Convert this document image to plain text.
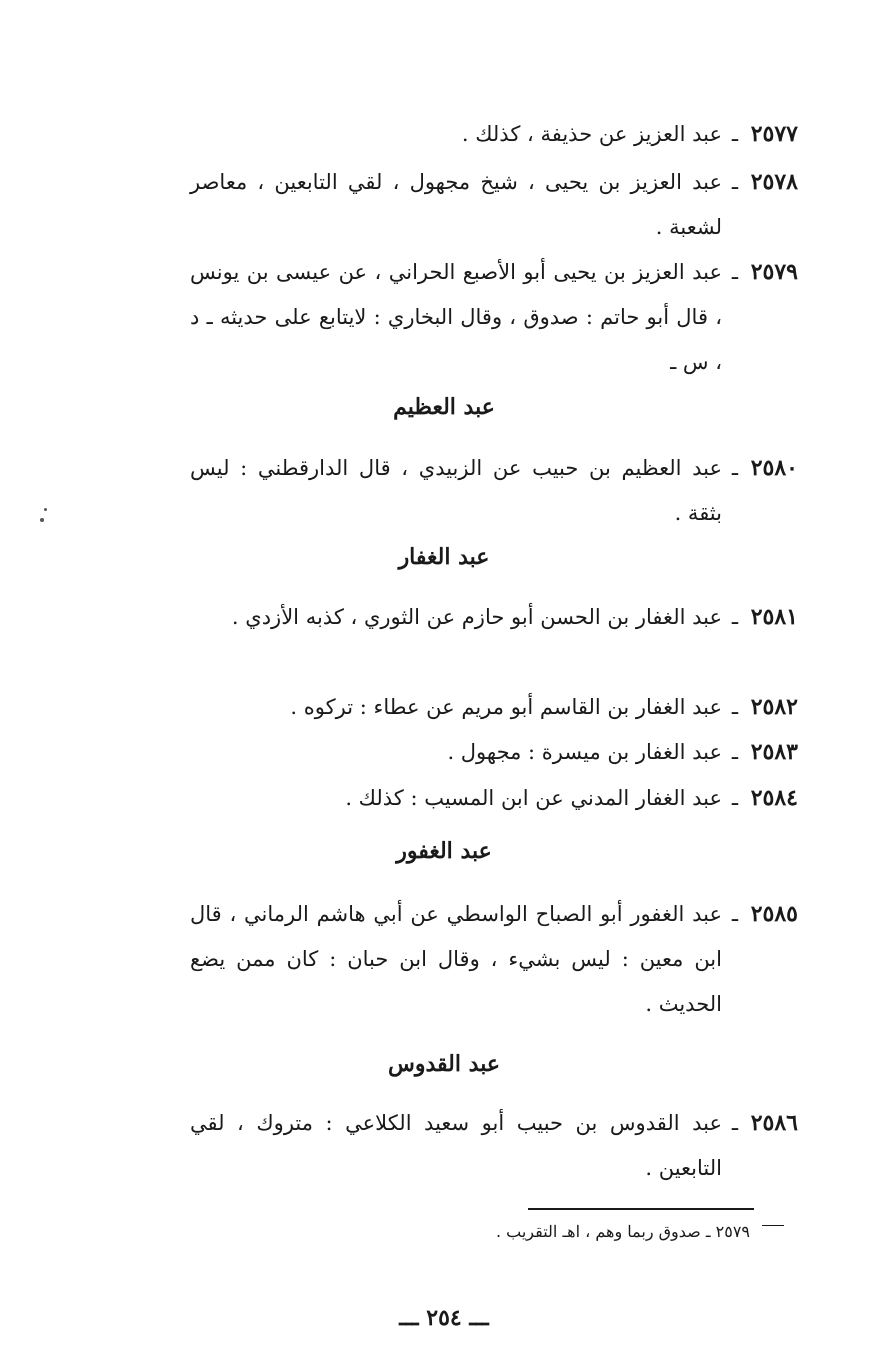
٢٥٧٧
ـ
عبد العزيز عن حذيفة ، كذلك .
٢٥٧٨
ـ
عبد العزيز بن يحيى ، شيخ مجهول ، لقي التابعين ، معاصر لشعبة .
٢٥٧٩
ـ
عبد العزيز بن يحيى أبو الأصبع الحراني ، عن عيسى بن يونس ، قال أبو حاتم : صدوق ، وقال البخاري : لايتابع على حديثه ـ د ، س ـ
عبد العظيم
٢٥٨٠
ـ
عبد العظيم بن حبيب عن الزبيدي ، قال الدارقطني : ليس بثقة .
عبد الغفار
٢٥٨١
ـ
عبد الغفار بن الحسن أبو حازم عن الثوري ، كذبه الأزدي .
٢٥٨٢
ـ
عبد الغفار بن القاسم أبو مريم عن عطاء : تركوه .
٢٥٨٣
ـ
عبد الغفار بن ميسرة : مجهول .
٢٥٨٤
ـ
عبد الغفار المدني عن ابن المسيب : كذلك .
عبد الغفور
٢٥٨٥
ـ
عبد الغفور أبو الصباح الواسطي عن أبي هاشم الرماني ، قال ابن معين : ليس بشيء ، وقال ابن حبان : كان ممن يضع الحديث .
عبد القدوس
٢٥٨٦
ـ
عبد القدوس بن حبيب أبو سعيد الكلاعي : متروك ، لقي التابعين .
٢٥٧٩ ـ صدوق ربما وهم ، اهـ التقريب .
ـــ ٢٥٤ ـــ
